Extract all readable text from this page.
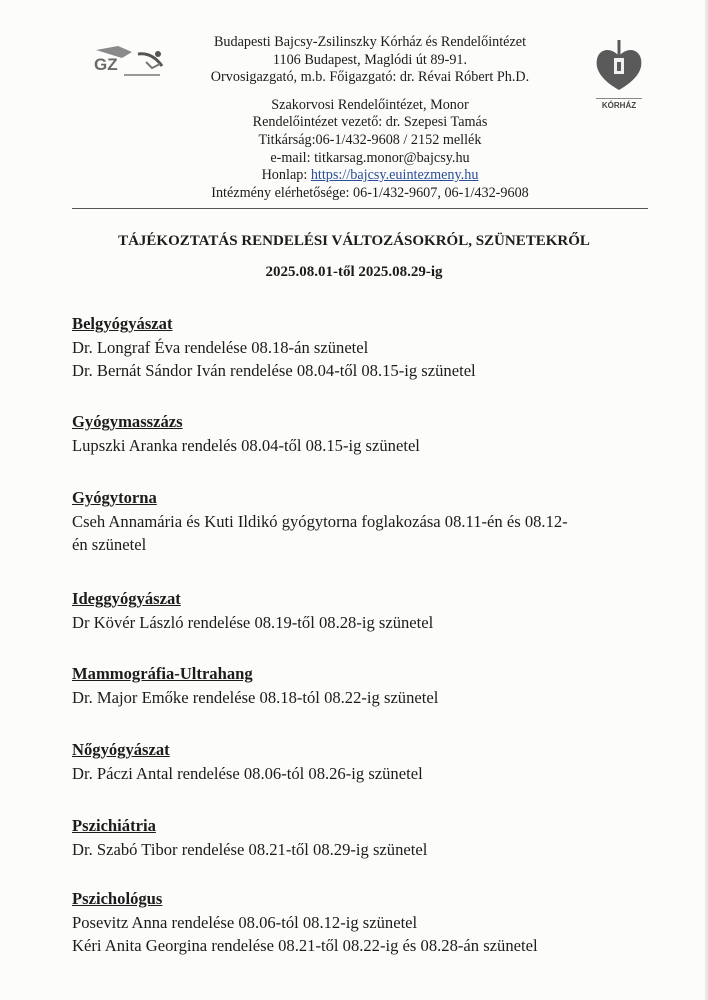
GZ
KÓRHÁZ
Budapesti Bajcsy-Zsilinszky Kórház és Rendelőintézet
1106 Budapest, Maglódi út 89-91.
Orvosigazgató, m.b. Főigazgató: dr. Révai Róbert Ph.D.
Szakorvosi Rendelőintézet, Monor
Rendelőintézet vezető: dr. Szepesi Tamás
Titkárság:06-1/432-9608 / 2152 mellék
e-mail: titkarsag.monor@bajcsy.hu
Honlap: https://bajcsy.euintezmeny.hu
Intézmény elérhetősége: 06-1/432-9607, 06-1/432-9608
TÁJÉKOZTATÁS RENDELÉSI VÁLTOZÁSOKRÓL, SZÜNETEKRŐL
2025.08.01-től 2025.08.29-ig
Belgyógyászat
Dr. Longraf Éva rendelése 08.18-án szünetel
Dr. Bernát Sándor Iván rendelése 08.04-től 08.15-ig szünetel
Gyógymasszázs
Lupszki Aranka rendelés 08.04-től 08.15-ig szünetel
Gyógytorna
Cseh Annamária és Kuti Ildikó gyógytorna foglakozása 08.11-én és 08.12-
én szünetel
Ideggyógyászat
Dr Kövér László rendelése 08.19-től 08.28-ig szünetel
Mammográfia-Ultrahang
Dr. Major Emőke rendelése 08.18-tól 08.22-ig szünetel
Nőgyógyászat
Dr. Páczi Antal rendelése 08.06-tól 08.26-ig szünetel
Pszichiátria
Dr. Szabó Tibor rendelése 08.21-től 08.29-ig szünetel
Pszichológus
Posevitz Anna rendelése 08.06-tól 08.12-ig szünetel
Kéri Anita Georgina rendelése 08.21-től 08.22-ig és 08.28-án szünetel
